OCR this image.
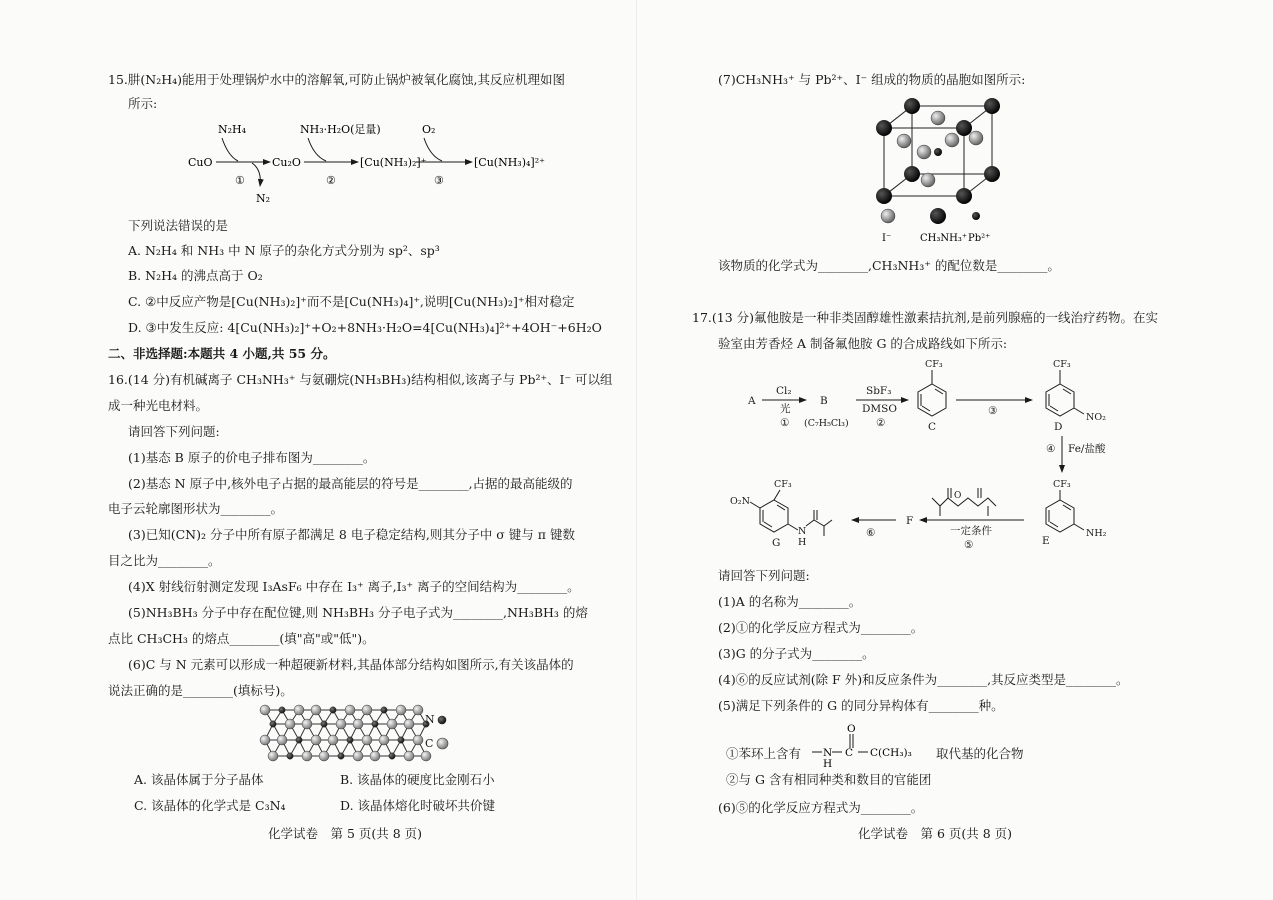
15.肼(N₂H₄)能用于处理锅炉水中的溶解氧,可防止锅炉被氧化腐蚀,其反应机理如图
所示:
N₂H₄	NH₃·H₂O(足量)	O₂
CuO
N₂
①
Cu₂O
②
[Cu(NH₃)₂]⁺
③
[Cu(NH₃)₄]²⁺
下列说法错误的是
A. N₂H₄ 和 NH₃ 中 N 原子的杂化方式分别为 sp²、sp³
B. N₂H₄ 的沸点高于 O₂
C. ②中反应产物是[Cu(NH₃)₂]⁺而不是[Cu(NH₃)₄]⁺,说明[Cu(NH₃)₂]⁺相对稳定
D. ③中发生反应: 4[Cu(NH₃)₂]⁺+O₂+8NH₃·H₂O=4[Cu(NH₃)₄]²⁺+4OH⁻+6H₂O
二、非选择题:本题共 4 小题,共 55 分。
16.(14 分)有机碱离子 CH₃NH₃⁺ 与氨硼烷(NH₃BH₃)结构相似,该离子与 Pb²⁺、I⁻ 可以组
成一种光电材料。
请回答下列问题:
(1)基态 B 原子的价电子排布图为________。
(2)基态 N 原子中,核外电子占据的最高能层的符号是________,占据的最高能级的
电子云轮廓图形状为________。
(3)已知(CN)₂ 分子中所有原子都满足 8 电子稳定结构,则其分子中 σ 键与 π 键数
目之比为________。
(4)X 射线衍射测定发现 I₃AsF₆ 中存在 I₃⁺ 离子,I₃⁺ 离子的空间结构为________。
(5)NH₃BH₃ 分子中存在配位键,则 NH₃BH₃ 分子电子式为________,NH₃BH₃ 的熔
点比 CH₃CH₃ 的熔点________(填"高"或"低")。
(6)C 与 N 元素可以形成一种超硬新材料,其晶体部分结构如图所示,有关该晶体的
说法正确的是________(填标号)。
N
C
A. 该晶体属于分子晶体	B. 该晶体的硬度比金刚石小
C. 该晶体的化学式是 C₃N₄	D. 该晶体熔化时破坏共价键
化学试卷　第 5 页(共 8 页)
(7)CH₃NH₃⁺ 与 Pb²⁺、I⁻ 组成的物质的晶胞如图所示:
I⁻	CH₃NH₃⁺ Pb²⁺
该物质的化学式为________,CH₃NH₃⁺ 的配位数是________。
17.(13 分)氟他胺是一种非类固醇雄性激素拮抗剂,是前列腺癌的一线治疗药物。在实
验室由芳香烃 A 制备氟他胺 G 的合成路线如下所示:
A
Cl₂
光
①
B
(C₇H₅Cl₃)
SbF₃
DMSO
②
CF₃
C
③
CF₃
NO₂
D
④ Fe/盐酸
CF₃
NH₂
E
O
一定条件
⑤
F
⑥
CF₃
O₂N
N
H
G
请回答下列问题:
(1)A 的名称为________。
(2)①的化学反应方程式为________。
(3)G 的分子式为________。
(4)⑥的反应试剂(除 F 外)和反应条件为________,其反应类型是________。
(5)满足下列条件的 G 的同分异构体有________种。
①苯环上含有 N
H
C
O
C(CH₃)₃ 取代基的化合物
②与 G 含有相同种类和数目的官能团
(6)⑤的化学反应方程式为________。
化学试卷　第 6 页(共 8 页)
